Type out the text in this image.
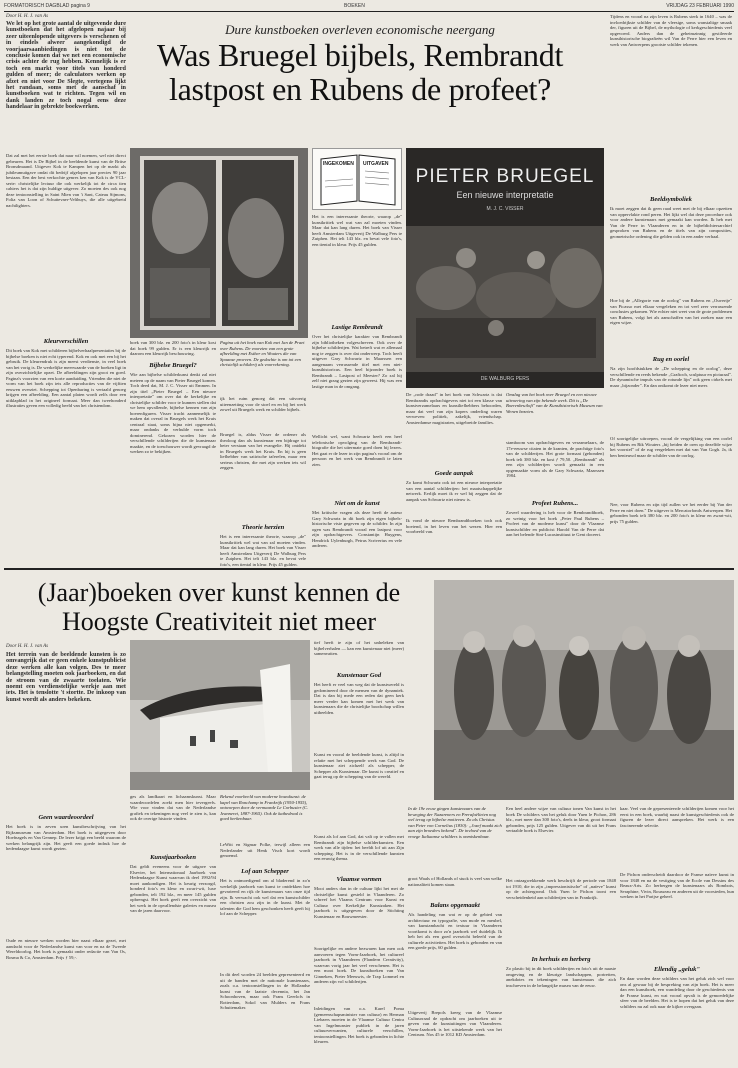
FORMATORISCH DAGBLAD pagina 9	BOEKEN	VRIJDAG 23 FEBRUARI 1990
Door H. H. J. van As
We let op het grote aantal de uitgevende dure kunstboeken dat het afgelopen najaar bij zeer uiteenlopende uitgevers is verschenen of in eindels alweer aangekondigd de voorjaarsaanbiedingen is niet tot de conclusie komen dat we net een economische crisis achter de rug hebben. Kennelijk is er toch een markt voor titels van honderd gulden of meer; de calculators werken op afzet en niet voor De Slegte, vertegens lijkt het randaan, soms met de aanschaf in kunstboeken wat te richten. Tegen wil en dank landen ze toch nogal eens deze handelaar in gebrekte boekwerken.
Dat zal met het eerste boek dat naar wil noemen, wel niet direct gebeuren. Het is De Bijbel in de beeldende kunst van de Britse Bronsdmaand. Uitgever Kok te Kampen het op de markt als jubileumuitgave ondat dit bedrijf afgelopen jaar precies 90 jaar bestaan. Een der best verkochte genres ken van Kok is de VCL-serie: christelijke lectuur die ook werkelijk tot de circa tien cahiers het is dat zijn huldige uitgever. Zo moeten des ook nog deze tentoonstelling in Saint Mien van 't Sant, Cateau Sijmons, Folia van Loon of Schuttevaer-Velthuys, die alle uitgebreid nachtlighters.
Kleurverschillen
Dit boek van Kok met schilderen bijbelverhaalpresentaties bij de bijbelse boeken is niet echt typerend. Kok en ook met een bij het gebruik. De kleurendruk is zijn meest verdienste, in veel boek van het vorig is. De werkelijke meerwaarde van de boeken ligt in zijn overzichtelijke opzet. De afbeeldingen zijn groot en goed. Pagina's voorzien van een korte aanduiding. Vrienden die niet de vorm van het boek zijn iets alle reproducties van de vijftien eeuwen overziet. Schepping tot Openbaring is vertaald genoeg krijgen een afbeelding. Een aantal platen wordt zelfs door een uitklapblad in het origineel formaat. Meer dan tweehonderd illustraties geven een volledig beeld van het christendom.
Dure kunstboeken overleven economische neergang
Was Bruegel bijbels, Rembrandt
lastpost en Rubens de profeet?
INGEKOMEN UITGAVEN
boek van 300 blz. en 200 foto's in kleur kost dat boek 99 gulden. Er is een kleurrijk en daarom een kleurrijk beschouwing.
Bijbelse Bruegel?
Wie aan bijbelse schilderkunst denkt zal niet meteen op de naam van Pieter Bruegel komen. Toch deed dat, M. J. C. Visser uit Emmen. In zijn titel „Pieter Bruegel – Een nieuwe interpretatie" om over dat de kerkelijke en christelijke schilder voor te kunnen stellen dat we hem opvallende, bijbelse kennen van zijn boerenfiguren. Visser tracht aannemelijk te maken dat overal in Bruegels werk het Kruis centraal staat, soms bijna niet opgemerkt, maar ondanks de verhulde vorm toch dominerend. Gekozen worden hier de verschillende schilderijen die de kunstenaar maakte, en de toeschouwer wordt gevraagd de werken zo te bekijken.
Pagina uit het boek van Kok met Jan de Praet over Rubens. De voorzien van een grote afbeelding met Esther en Wouters die van Spaanse proeven. De gedachte is om tot een christelijk schilderij als voorrekening.
ijk het ruim genoeg dat een uitvoerig uiteenzetting voor de stoel en en bij het werk zowel uit Bruegels werk en schilder bijbels.
Bruegel is, aldus Visser de ordener als theoloog dan als kunstenaar een bijdrage tot beter verstaan van het evangelie. Hij ontdekt in Bruegels werk het Kruis. En hij is geen liefhebber van satirische taferelen, maar een serieus christen, die met zijn werken iets wil zeggen.
Theorie herzien
Het is een interessante theorie, waarop „de" kunstkritiek wel wat van zal moeten vinden. Maar dat kan lang duren. Het boek van Visser heeft Amsterdam Uitgeverij De Walburg Pers te Zutphen. Het telt 143 blz. en bevat vele foto's, een tiental in kleur. Prijs 45 gulden.
Het is een interessante theorie, waarop „de" kunstkritiek wel wat van zal moeten vinden. Maar dat kan lang duren. Het boek van Visser heeft Amsterdam Uitgeverij De Walburg Pers te Zutphen. Het telt 143 blz. en bevat vele foto's, een tiental in kleur. Prijs 45 gulden.
Lastige Rembrandt
Over het christelijke karakter van Rembrandt zijn bibliotheken volgeschreven. Ook over de bijbelse schilderijen. Wat betreft wat er allemaal nog te zeggen is over dat onderwerp. Toch heeft uitgever Gary Schwartz in Maarssen een aangenaam verrassende titel met een niet-kunsthistoricus. Een heel bijzonder boek is Rembrandt – Lastpost of Meester? Zo zal hij zelf niet graag gezien zijn geweest. Hij was een lastige man in de omgang.
Wellicht wel, want Schwartz heeft een heel telefonische opvolging van de Rembrandt-biografie die het uitermate goed doen bij lezers. Het gaat er de lezer in zijn pagina's vooral om de persoon en het werk van Rembrandt te laten zien.
Niet om de kunst
Met kritische vragen als deze heeft de auteur Gary Schwartz in dit boek zijn eigen bijbels-historische visie gegeven op de schilder. In zijn ogen was Rembrandt vooral een lastpost voor zijn opdrachtgevers. Constantijn Huygens, Hendrick Uylenburgh, Petrus Scriverius en vele anderen.
PIETER BRUEGEL
Een nieuwe interpretatie
M. J. C. VISSER
DE WALBURG PERS
De „rode draad" in het boek van Schwartz is dat Rembrandts opdrachtgevers niet tot een klasse van kunstverzamelaars en kunstliefhebbers behoorden, maar dat veel van zijn kopers onderling waren verweven: politiek, zakelijk, vriendschap. Amsterdamse magistraten, uitgebreide families.
Goede aanpak
Zo komt Schwartz ook tot een nieuwe interpretatie van een aantal schilderijen: het maatschappelijke netwerk. Eerlijk moet ik er wel bij zeggen dat de aanpak van Schwartz niet nieuw is.
Ik vond de nieuwe Rembrandtboeken toch ook boeiend, in het leven van het wezen. Hier een voorbeeld van.
Omslag van het boek over Bruegel en een nieuwe uitvoering van zijn bekende werk. Dit is „De Boerenbruiloft" van de Kunsthistorisch Museum van Wenen bezeten.
stamboom van opdrachtgevers en verzamelaars, de 17e-eeuwse citaten in de kranten, de prachtige foto's van de schilderijen. Het grote formaat (gebonden) boek telt 380 blz. en kost ƒ 79,50. „Rembrandt" als een zijn schilderijen wordt gemaakt in een opgemaakte vorm als de Gary Schwartz, Maarssen 1984.
Profeet Rubens...
Zoveel waardering is heb voor de Rembrandtboek, zo weinig voor het boek „Peter Paul Rubens – Profeet van de moderne kunst" door de Vlaamse kunstschilder en publicist Harold Van de Perre dat aan het belende Sint-Lucasinstituut te Gent doceert.
Tijdens en vooral na zijn leven is Rubens sterk in 1640 – was de invloedrijkste schilder van de vleesige, soms wanstaltige smaak der, figuren uit de Bijbel, de mythologie of kerkgeschiedenis veel opgevoerd. Anders dan de geheimzinnig gestileerde kunsthistorische biografieën wil Van de Perre hier een leven en werk van Antwerpens grootste schilder tekenen.
Beeldsymboliek
Ik moet zeggen dat ik geen raad weet met de bij elkaar opzetten van oppervlakte rond peren. Het lijkt wel dat deze procedure ook voor andere kunstenaars met gemaakt kan worden. Ik heb met Van de Perre in Vlaanderen en in de bijbeldichtersarchief gesproken van Rubens en de titels van zijn composities, geometrische ordening die gelden ook in een ander verhaal.
Hoe bij de „Allegorie van de oorlog" van Rubens en „Ouvertje" van Picasso met elkaar vergeleken en tot veel zeer verrassende conclusies gekomen. Wie echter niet weet van de grote problemen van Rubens, volgt het als aanschaffen van het zoeken naar een eigen wijze.
Rug en oorlel
Na zijn hoofdstukken de „De schepping en de oorlog", deze verschillende en reeds bekende „Graftoch, sculptuur en picturaal". De dynamische impuls van de rotunde lijn" ook geen cirkels met maar „bijzonder". En dan ontkomt de lezer niet meer.
Of soortgelijke uitroepen, vooral de vergelijking van een oorlel bij Rubens en Rik Wouters „bij beiden de oren op dezelfde wijze het voorstel" of de rug vergeleken met dat van Van Gogh. Ja, ik ben benieuwd maar de schilder van de oorlog.
Nee, voor Rubens en zijn tijd zullen we het eerder bij Van der Perre en niet doen." De uitgever is Mercatorfonds Antwerpen. Het gebonden boek telt 380 blz. en 200 foto's in kleur en zwart-wit, prijs 75 gulden.
(Jaar)boeken over kunst kennen de
Hoogste Creativiteit niet meer
Door H. H. J. van As
Het terrein van de beeldende kunsten is zo omvangrijk dat er geen enkele kunstpublicist deze werken alle kan volgen. Des te meer belangstelling moeten ook jaarboeken, en dat de stroom van de zwaarte toelaten. Wie noemt een verdienstelijke werkje aan met iets. Het is tenslotte 't stortte. De inkoop van kunst wordt als anders bekeken.
Geen waardeoordeel
Het boek is in zeven uren kunstbeschrijving van het Rijksmuseum van Amsterdam. Het boek is uitgegeven door Hoefnagels en Van Gennep. De lezer krijgt een beeld waarom de werken belangrijk zijn. Het geeft een goede indruk hoe de hedendaagse kunst wordt gezien.
Oude en nieuwe werken worden hier naast elkaar gezet, met aandacht voor de Nederlandse kunst van voor en na de Tweede Wereldoorlog. Het boek is gemaakt onder redactie van Van Os, Bosma & Co, Amsterdam. Prijs ƒ 59,-.
ges als landkaart en lichaamskunst. Maar waardeoordelen zoekt men hier tevergeefs. Wie voor vinden dat van de Nederlandse grafiek en tekeningen nog veel te zien is, kan ook de overige historie vinden.
Kunstjaarboeken
Dat geldt eveneens voor de uitgave van Elsevier, het Internationaal Jaarboek van Hedendaagse Kunst waarvan ik deel 1992/94 moet aankondigen. Het is keurig verzorgd, honderd foto's en kleur en zwart-wit, luxe gebonden, telt 192 blz., en meer 145 gulden opbrengst. Het boek geeft een overzicht van het werk in de opvallendste galeries en musea van de jaren daarvoor.
Bekend voorbeeld van moderne bouwkunst: de kapel van Ronchamp in Frankrijk (1950-1955), ontworpen door de vermaarde Le Corbusier (C. Jeanneret, 1887-1965). Ook de kathedraal is goed herkenbaar.
LeWitt en Sigmar Polke, terwijl alleen een Nederlander uit Henk Visch kort wordt genoemd.
Lof aan Schepper
Het is ontmoedigend om al bladerend in zo'n werkelijk jaarboek van kunst te ontdekken hoe gevarieerd en rijk de kunstenaars van onze tijd zijn. Ik verwacht ook wel dat een kunstschilder een christen zou zijn in de kunst. Met de talenten die God hem geschonken heeft geeft hij lof aan de Schepper.
In dit deel worden 24 beelden gepresenteerd en uit de banden met de nationale kunstenaars, zoals o.a. tentoonstellingen in de Hollandse kunst van de laatste decennia, het Jan Schoonhoven, maar ook Frans Geerlofs in Rotterdam, Sokol van Mulders en Frans Schuitemaker.
tief heeft te zijn of het unheleken van bijbelverhalen — kan een kunstenaar niet (meer) samenvatten.
Kunstenaar God
Het heeft er veel van weg dat de kunstwereld is gedomineerd door de mensen van de dynamiek. Dat is dan bij mede een reden dat geen kerk meer verder kan komen met het werk van kunstenaars die de christelijke boodschap willen uitbeelden.
Kunst en vooral de beeldende kunst, is altijd in relatie met het scheppende werk van God. De kunstenaar ziet zichzelf als schepper, de Schepper als Kunstenaar. De kunst is creatief en gaat terug op de schepping van de wereld.
Kunst als lof aan God, dat valt op te vallen met Rembrandt zijn bijbelse schilderkunsten. Een werk van alle tijden: het beeldt lof uit aan Zijn schepping. Het is in de verschillende kunsten een eeuwig thema.
Vlaamse vormen
Mooi anders dan in de cultuur lijkt het met de christelijke kunst gesteld in Vlaanderen. Zo schreef het Vlaams Centrum voor Kunst en Cultuur over Kerkelijke Kunstzaken. Het jaarboek is uitgegeven door de Stichting Kunstenaar en Bouwmeester.
Soortgelijke en andere bezwaren kan men ook aanvoeren tegen Vorm-Jaarboek, het cultureel jaarboek in Vlaanderen (Flandern Creativity), waarvan vorig jaar het veel verschenen. Het is een mooi boek. De kunstboeken van Van Ginneken, Pieter Meeuwis, de Trap Lommel en anderen zijn vol schilderijen.
Inleidingen van o.a. Karel Poma (gemeenschapsminister van cultuur) en Herman Liebaers moeten in de Vlaamse Cultuur Centra van Ingelmunster publiek in de jaren cultuurverwanten, culturele verschillen, tentoonstellingen. Het boek is gebonden in lichte kleuren.
In de 19e eeuw gingen kunstenaars van de beweging der Nazareners en Prerafaëlieten nog wel terug op bijbelse motieven. Zo als Christus van Peter von Cornelius (1830): „Jozef maakt zich aan zijn broeders bekend". De invloed van de vroege Italiaanse schilders is onmiskenbaar.
groot Waals of Hollands of stuck is veel van welke nationaliteit komen staan.
Balans opgemaakt
Als handeling van wat er op de gebied van architectuur en typografie, van mode en meubel, van kunstambacht en textuur in Vlaanderen voortkomt is door zo'n jaarboek wel duidelijk. Ik heb het als een goed overzicht beleefd van de culturele activiteiten. Het boek is gebonden en van een goede prijs, 60 gulden.
Uitgeverij Brepols kreeg van de Vlaamse Cultuurraad de opdracht om jaarboeken uit te geven van de kunstuitingen van Vlaanderen. Vorm-Jaarboek is het uitstekende werk van het Centrum. Nos 45 te 1012 KD Amsterdam.
Een heel andere wijze van cultuur tonen Van kunst in het boek De schilders van het geluk door Yuen le Pichon, 286 blz., met meer dan 300 foto's, deels in kleur, groot formaat gebonden, prijs 125 gulden. Uitgever van dit uit het Frans vertaalde boek is Elsevier.
Het ontzagwekkende werk beschrijft de periode van 1848 tot 1910, die in zijn „impressionistische" of „naïeve" kunst op de achtergrond. Ook Yuen le Pichon toont een verscheidenheid aan schilderijen van in Frankrijk.
In herhuis en herberg
Zo plastic bij in dit boek schilderijen en foto's uit de naaste omgeving en de kleurige landschappen, portretten, anekdotes en tekeningen van kunstenaars die zich inschreven in de belangrijke musea van de eeuw.
kaar. Veel van de gepresenteerde schilderijen komen voor het eerst in een boek, waarbij naast de kunstgeschiedenis ook de figuren de lezer direct aanspreken. Het werk is een fascinerende selectie.
De Pichon onderscheidt daardoor de Franse naïeve kunst in voor 1848 en na de vestiging van de Ecole van Dessins des Beaux-Arts. Zo herbergen de kunstenaars als Bombois, Seraphine, Vivin, Rousseau en anderen uit de voorsteden, hun werken in het Parijse geheel.
Ellendig „geluk"
En daar worden deze schilders van het geluk zich wel voor ons al gewaar bij de bespreking van zijn boek. Het is meer dan een kunstboek, een wandeling door de geschiedenis van de Franse kunst, en wat vooral opvalt is de gemoedelijke sfeer van de beelden. Het is te hopen dat het geluk van deze schilders nu zal ook naar de kijker overgaan.
